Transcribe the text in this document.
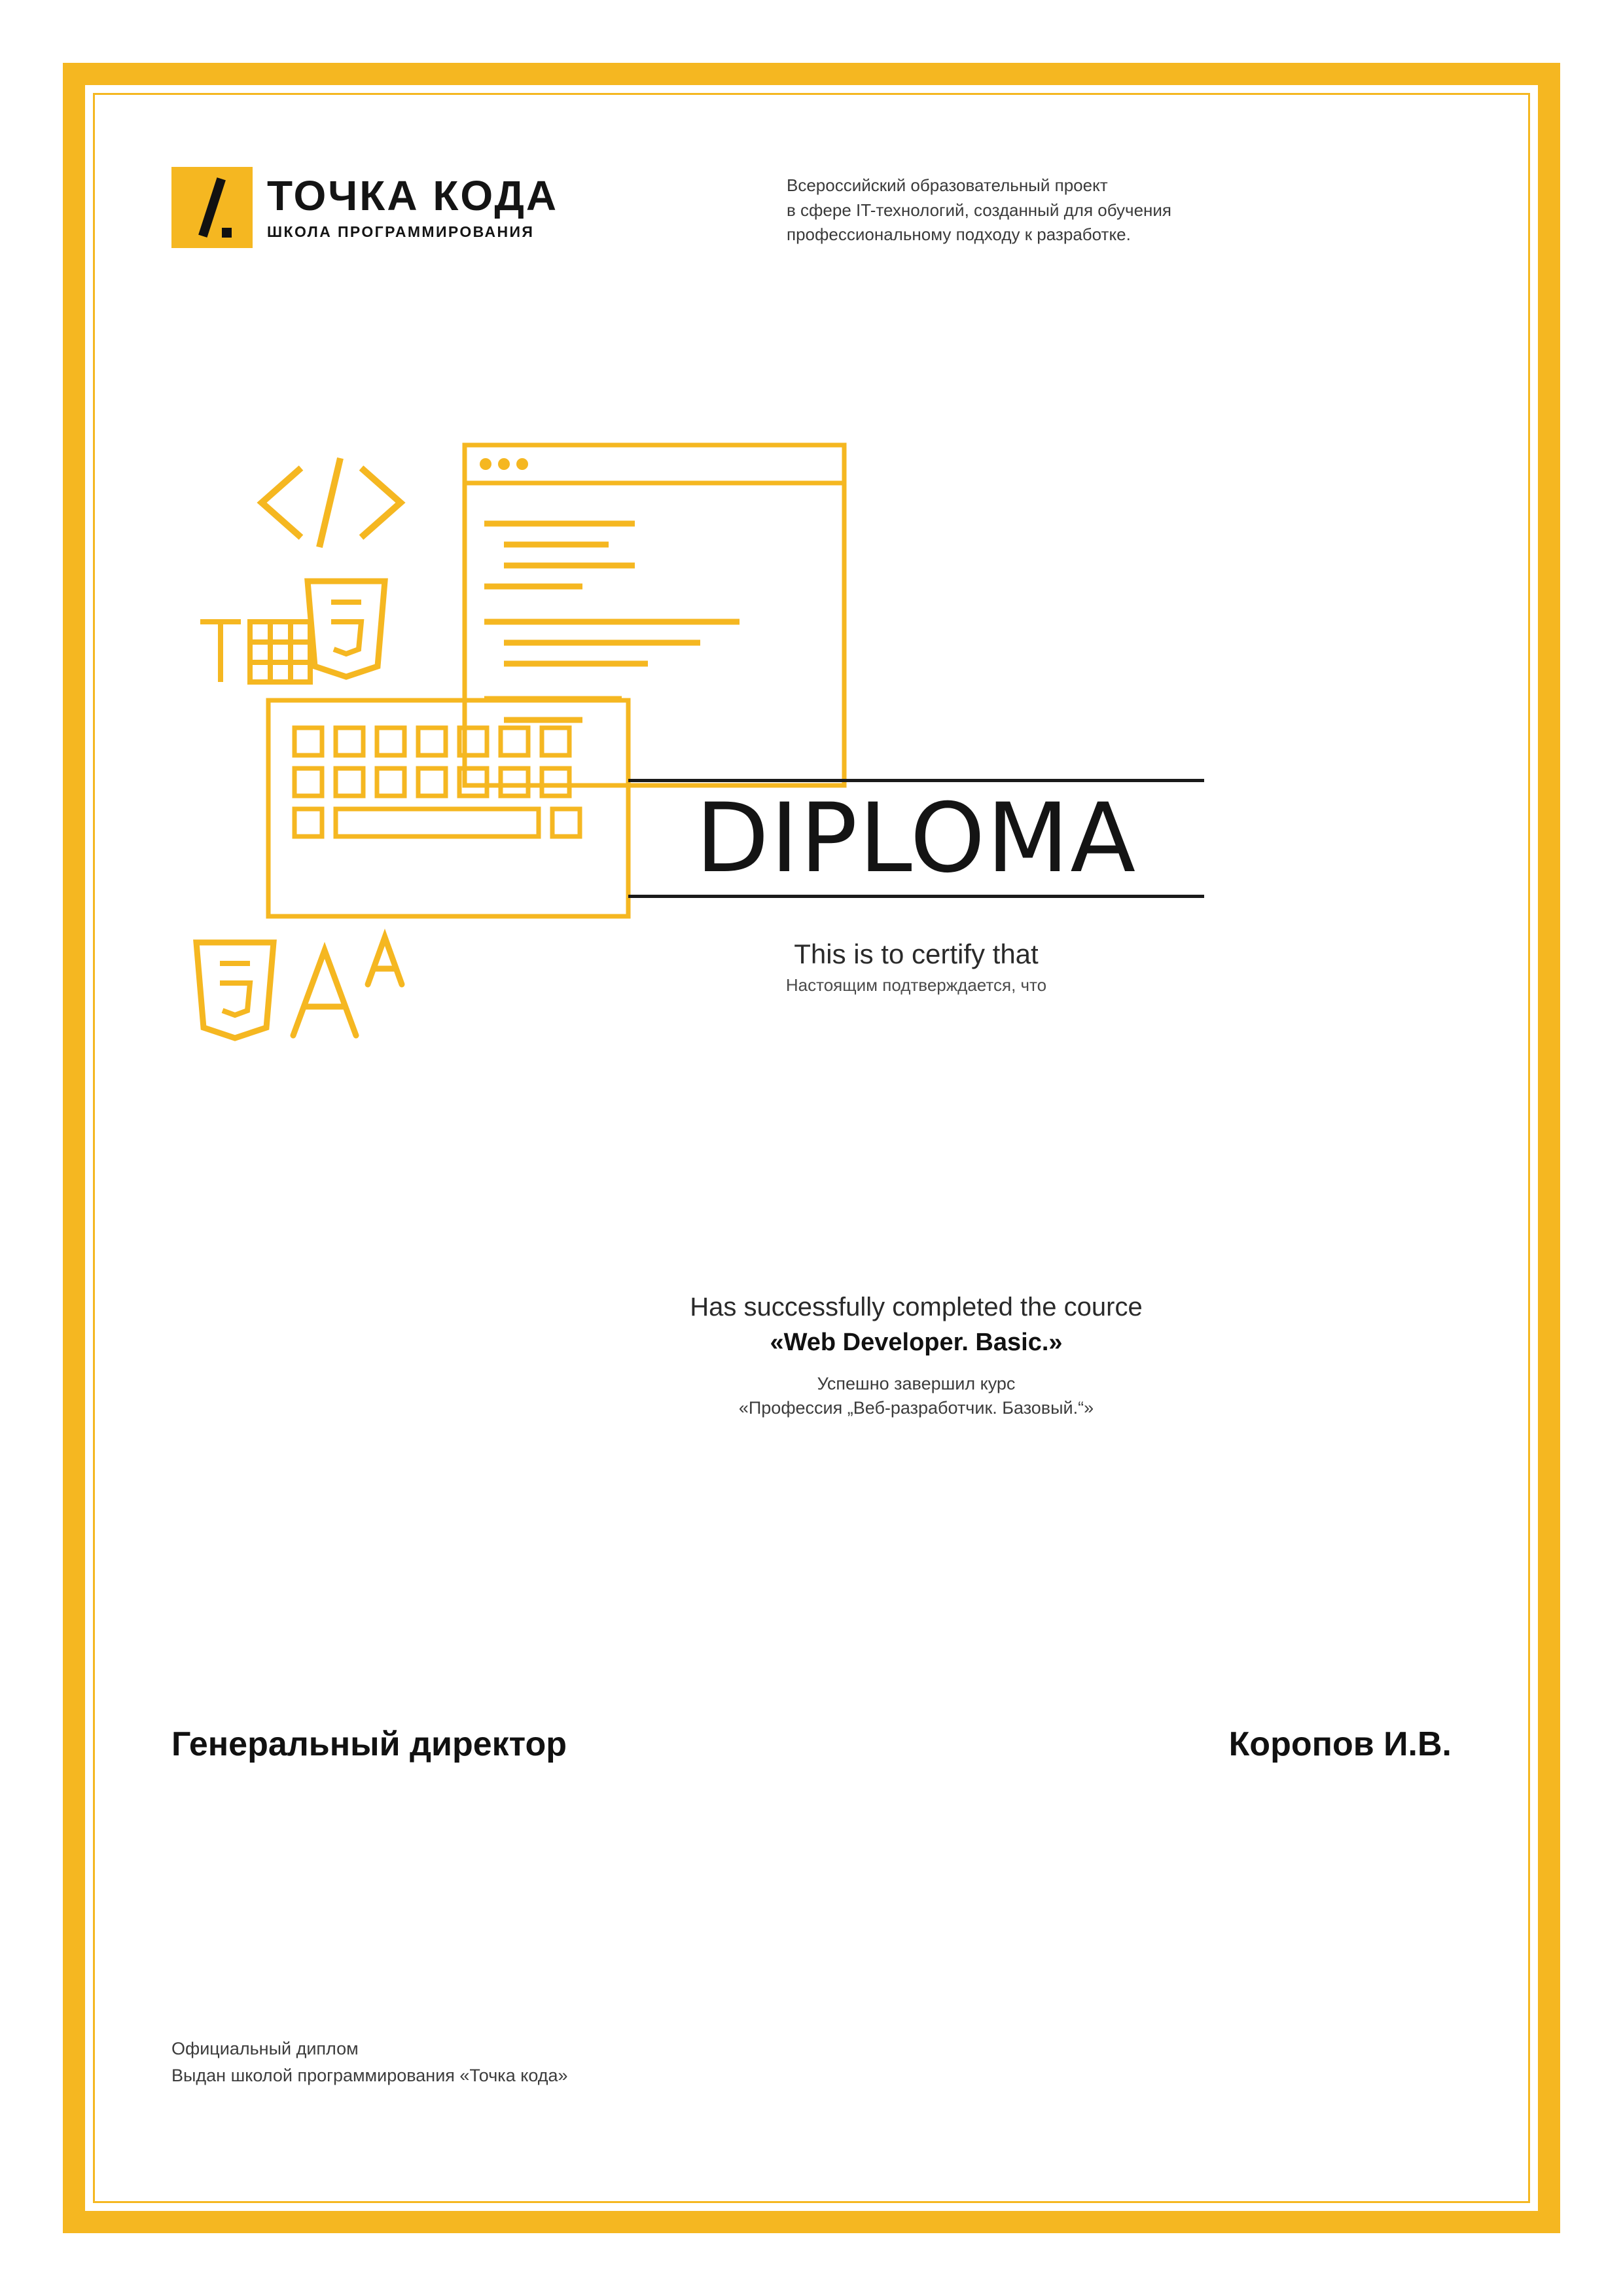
ТОЧКА КОДА
ШКОЛА ПРОГРАММИРОВАНИЯ
Всероссийский образовательный проект
в сфере IT-технологий, созданный для обучения
профессиональному подходу к разработке.
DIPLOMA
This is to certify that
Настоящим подтверждается, что
Has successfully completed the cource
«Web Developer. Basic.»
Успешно завершил курс
«Профессия „Веб-разработчик. Базовый.“»
Генеральный директор	Коропов И.В.
Официальный диплом
Выдан школой программирования «Точка кода»
